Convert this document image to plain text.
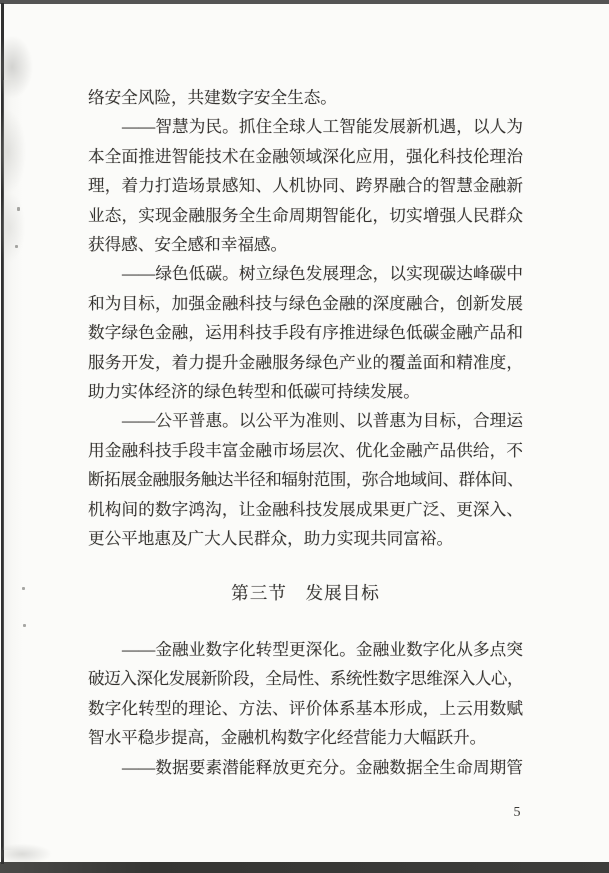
络安全风险，共建数字安全生态。
——智慧为民。抓住全球人工智能发展新机遇，以人为
本全面推进智能技术在金融领域深化应用，强化科技伦理治
理，着力打造场景感知、人机协同、跨界融合的智慧金融新
业态，实现金融服务全生命周期智能化，切实增强人民群众
获得感、安全感和幸福感。
——绿色低碳。树立绿色发展理念，以实现碳达峰碳中
和为目标，加强金融科技与绿色金融的深度融合，创新发展
数字绿色金融，运用科技手段有序推进绿色低碳金融产品和
服务开发，着力提升金融服务绿色产业的覆盖面和精准度，
助力实体经济的绿色转型和低碳可持续发展。
——公平普惠。以公平为准则、以普惠为目标，合理运
用金融科技手段丰富金融市场层次、优化金融产品供给，不
断拓展金融服务触达半径和辐射范围，弥合地域间、群体间、
机构间的数字鸿沟，让金融科技发展成果更广泛、更深入、
更公平地惠及广大人民群众，助力实现共同富裕。
第三节　发展目标
——金融业数字化转型更深化。金融业数字化从多点突
破迈入深化发展新阶段，全局性、系统性数字思维深入人心，
数字化转型的理论、方法、评价体系基本形成，上云用数赋
智水平稳步提高，金融机构数字化经营能力大幅跃升。
——数据要素潜能释放更充分。金融数据全生命周期管
5
